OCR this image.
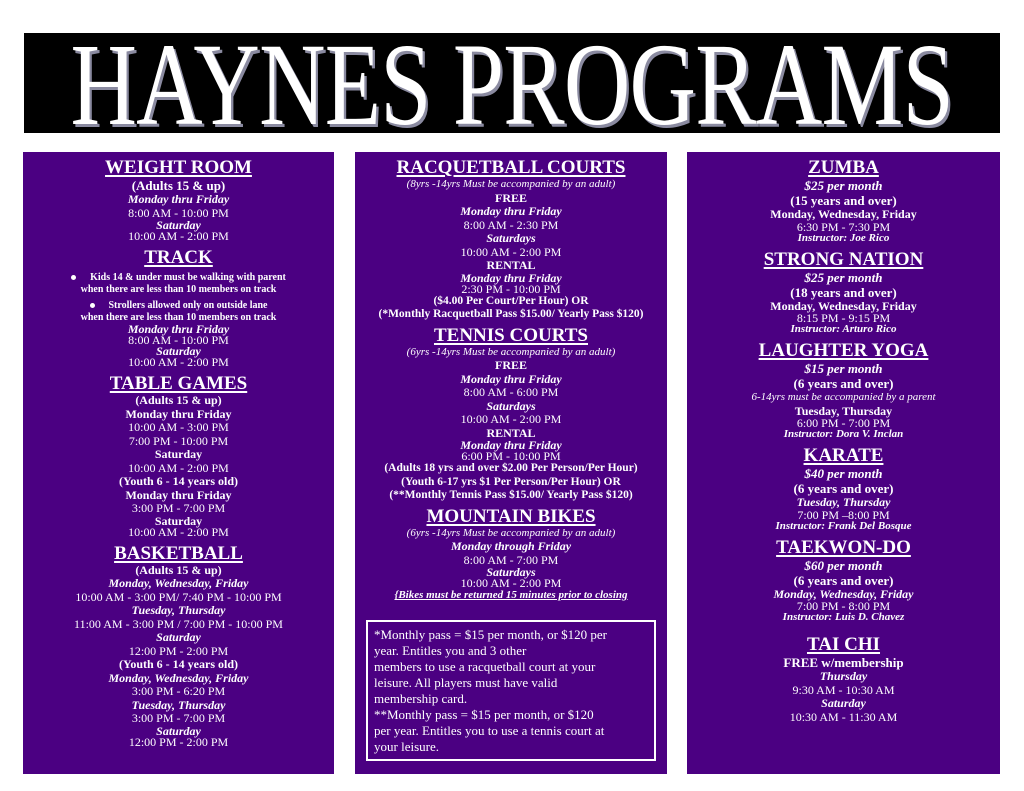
HAYNES PROGRAMS
WEIGHT ROOM
(Adults 15 & up)
Monday thru Friday
8:00 AM - 10:00 PM
Saturday
10:00 AM - 2:00 PM
TRACK
Kids 14 & under must be walking with parent
when there are less than 10 members on track
Strollers allowed only on outside lane
when there are less than 10 members on track
Monday thru Friday
8:00 AM - 10:00 PM
Saturday
10:00 AM - 2:00 PM
TABLE GAMES
(Adults 15 & up)
Monday thru Friday
10:00 AM - 3:00 PM
7:00 PM - 10:00 PM
Saturday
10:00 AM - 2:00 PM
(Youth 6 - 14 years old)
Monday thru Friday
3:00 PM - 7:00 PM
Saturday
10:00 AM - 2:00 PM
BASKETBALL
(Adults 15 & up)
Monday, Wednesday, Friday
10:00 AM - 3:00 PM/ 7:40 PM - 10:00 PM
Tuesday, Thursday
11:00 AM - 3:00 PM / 7:00 PM - 10:00 PM
Saturday
12:00 PM - 2:00 PM
(Youth 6 - 14 years old)
Monday, Wednesday, Friday
3:00 PM - 6:20 PM
Tuesday, Thursday
3:00 PM - 7:00 PM
Saturday
12:00 PM - 2:00 PM
RACQUETBALL COURTS
(8yrs -14yrs Must be accompanied by an adult)
FREE
Monday thru Friday
8:00 AM - 2:30 PM
Saturdays
10:00 AM - 2:00 PM
RENTAL
Monday thru Friday
2:30 PM - 10:00 PM
($4.00 Per Court/Per Hour) OR
(*Monthly Racquetball Pass $15.00/ Yearly Pass $120)
TENNIS COURTS
(6yrs -14yrs Must be accompanied by an adult)
FREE
Monday thru Friday
8:00 AM - 6:00 PM
Saturdays
10:00 AM - 2:00 PM
RENTAL
Monday thru Friday
6:00 PM - 10:00 PM
(Adults 18 yrs and over $2.00 Per Person/Per Hour)
(Youth 6-17 yrs $1 Per Person/Per Hour) OR
(**Monthly Tennis Pass $15.00/ Yearly Pass $120)
MOUNTAIN BIKES
(6yrs -14yrs Must be accompanied by an adult)
Monday through Friday
8:00 AM - 7:00 PM
Saturdays
10:00 AM - 2:00 PM
{Bikes must be returned 15 minutes prior to closing
*Monthly pass = $15 per month, or $120 per
year. Entitles you and 3 other
members to use a racquetball court at your
leisure. All players must have valid
membership card.
**Monthly pass = $15 per month, or $120
per year. Entitles you to use a tennis court at
your leisure.
ZUMBA
$25 per month
(15 years and over)
Monday, Wednesday, Friday
6:30 PM - 7:30 PM
Instructor: Joe Rico
STRONG NATION
$25 per month
(18 years and over)
Monday, Wednesday, Friday
8:15 PM - 9:15 PM
Instructor: Arturo Rico
LAUGHTER YOGA
$15 per month
(6 years and over)
6-14yrs must be accompanied by a parent
Tuesday, Thursday
6:00 PM - 7:00 PM
Instructor: Dora V. Inclan
KARATE
$40 per month
(6 years and over)
Tuesday, Thursday
7:00 PM –8:00 PM
Instructor: Frank Del Bosque
TAEKWON-DO
$60 per month
(6 years and over)
Monday, Wednesday, Friday
7:00 PM - 8:00 PM
Instructor: Luis D. Chavez
TAI CHI
FREE w/membership
Thursday
9:30 AM - 10:30 AM
Saturday
10:30 AM - 11:30 AM
